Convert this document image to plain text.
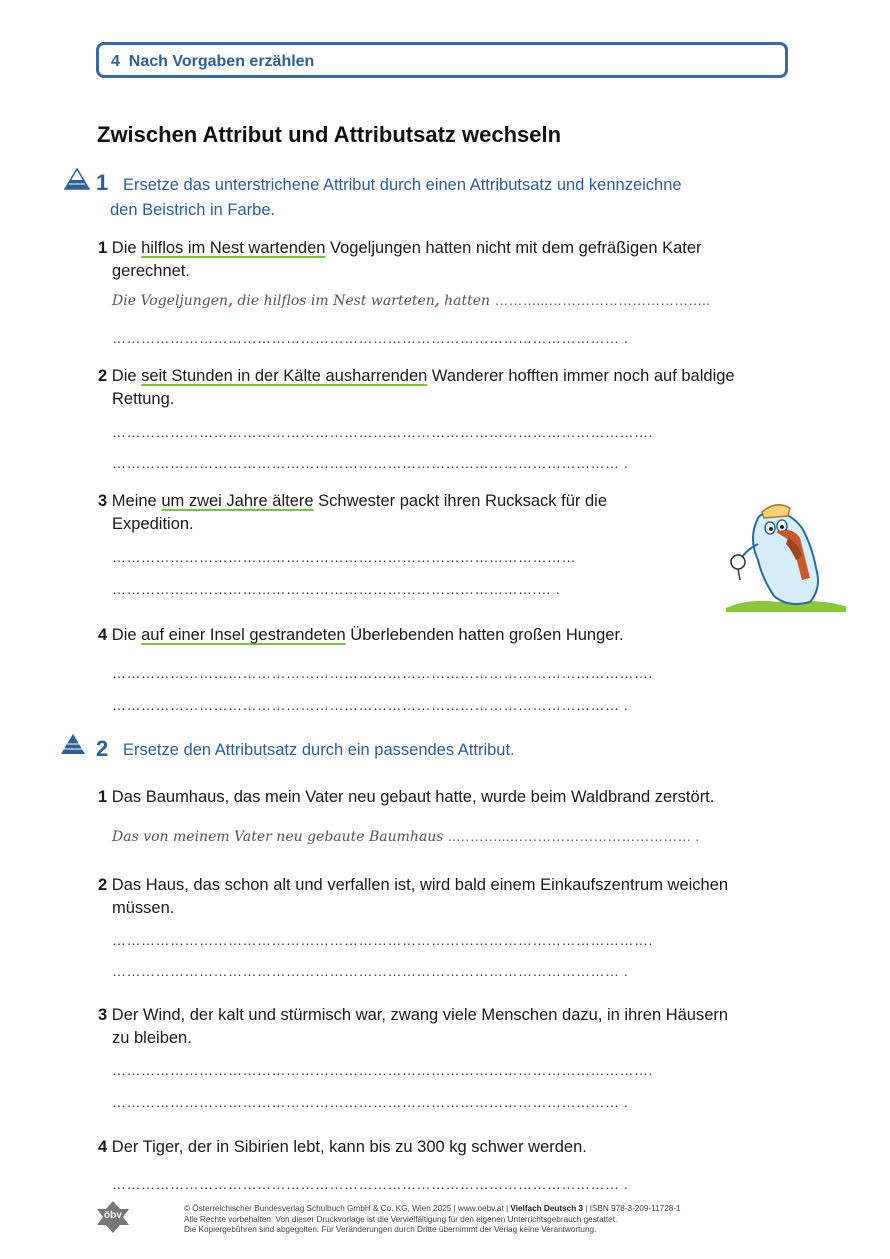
4 Nach Vorgaben erzählen
Zwischen Attribut und Attributsatz wechseln
1 Ersetze das unterstrichene Attribut durch einen Attributsatz und kennzeichne
den Beistrich in Farbe.
1 Die hilflos im Nest wartenden Vogeljungen hatten nicht mit dem gefräßigen Kater
gerechnet.
Die Vogeljungen, die hilflos im Nest warteten, hatten ………...……………………………..
…………………………………………………………………………………………… .
2 Die seit Stunden in der Kälte ausharrenden Wanderer hofften immer noch auf baldige
Rettung.
………………………………………………………………………………………………….
…………………………………………………………………………………………… .
3 Meine um zwei Jahre ältere Schwester packt ihren Rucksack für die
Expedition.
……………………………………………………………………………………
…………………………………………………………………………….… .
4 Die auf einer Insel gestrandeten Überlebenden hatten großen Hunger.
………………………………………………………………………………………………….
…………………………………………………………………………………………… .
2 Ersetze den Attributsatz durch ein passendes Attribut.
1 Das Baumhaus, das mein Vater neu gebaut hatte, wurde beim Waldbrand zerstört.
Das von meinem Vater neu gebaute Baumhaus ..………...………………………………… .
2 Das Haus, das schon alt und verfallen ist, wird bald einem Einkaufszentrum weichen
müssen.
………………………………………………………………………………………………….
…………………………………………………………………………………………… .
3 Der Wind, der kalt und stürmisch war, zwang viele Menschen dazu, in ihren Häusern
zu bleiben.
………………………………………………………………………………………………….
…………………………………………………………………………………………… .
4 Der Tiger, der in Sibirien lebt, kann bis zu 300 kg schwer werden.
…………………………………………………………………………………………… .
öbv
© Österreichischer Bundesverlag Schulbuch GmbH & Co. KG, Wien 2025 | www.oebv.at | Vielfach Deutsch 3 | ISBN 978-3-209-11728-1
Alle Rechte vorbehalten. Von dieser Druckvorlage ist die Vervielfältigung für den eigenen Unterrichtsgebrauch gestattet.
Die Kopiergebühren sind abgegolten. Für Veränderungen durch Dritte übernimmt der Verlag keine Verantwortung.
